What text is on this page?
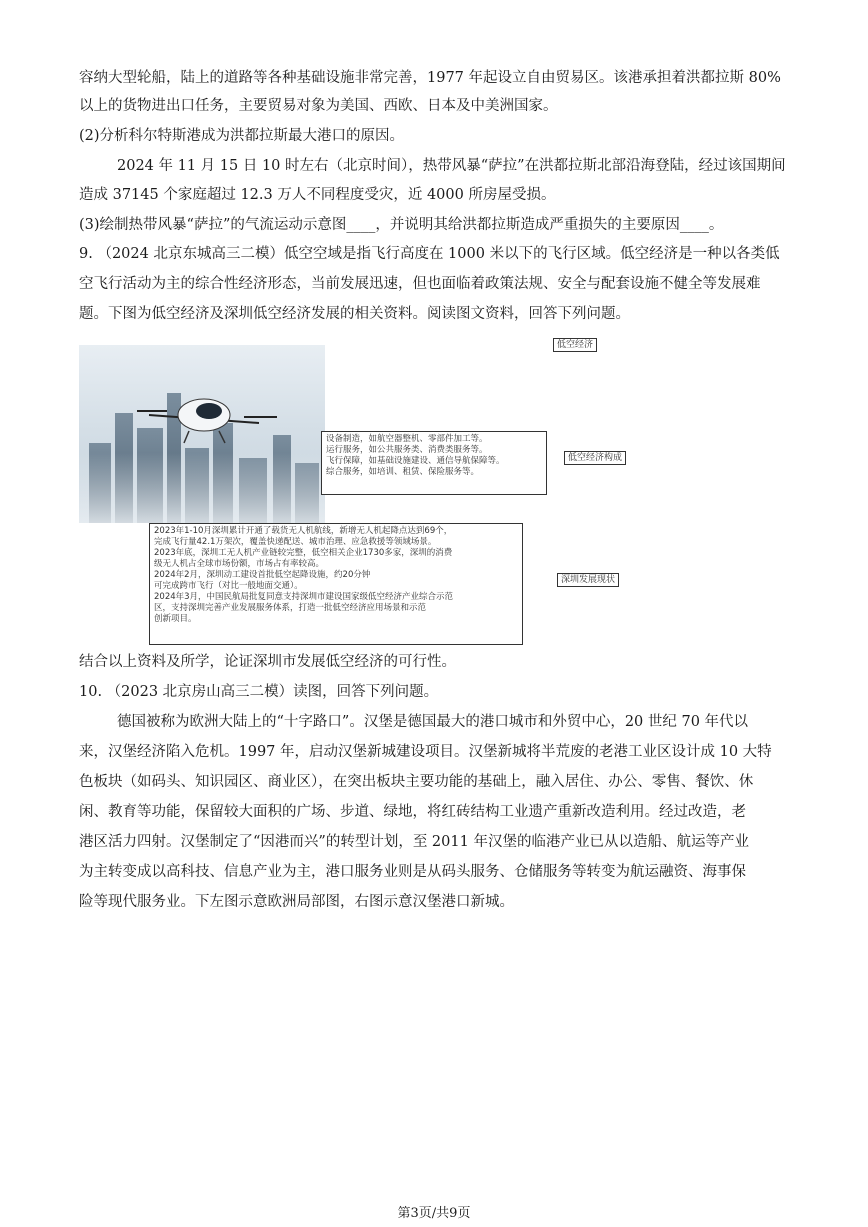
容纳大型轮船，陆上的道路等各种基础设施非常完善，1977 年起设立自由贸易区。该港承担着洪都拉斯 80%
以上的货物进出口任务，主要贸易对象为美国、西欧、日本及中美洲国家。
(2)分析科尔特斯港成为洪都拉斯最大港口的原因。
2024 年 11 月 15 日 10 时左右（北京时间），热带风暴“萨拉”在洪都拉斯北部沿海登陆，经过该国期间
造成 37145 个家庭超过 12.3 万人不同程度受灾，近 4000 所房屋受损。
(3)绘制热带风暴“萨拉”的气流运动示意图____，并说明其给洪都拉斯造成严重损失的主要原因____。
9. （2024 北京东城高三二模）低空空域是指飞行高度在 1000 米以下的飞行区域。低空经济是一种以各类低
空飞行活动为主的综合性经济形态，当前发展迅速，但也面临着政策法规、安全与配套设施不健全等发展难
题。下图为低空经济及深圳低空经济发展的相关资料。阅读图文资料，回答下列问题。
低空经济
低空经济构成
深圳发展现状
设备制造，如航空器整机、零部件加工等。
运行服务，如公共服务类、消费类服务等。
飞行保障，如基础设施建设、通信导航保障等。
综合服务，如培训、租赁、保险服务等。
2023年1-10月深圳累计开通了载货无人机航线，新增无人机起降点达到69个，
完成飞行量42.1万架次，覆盖快递配送、城市治理、应急救援等领域场景。
2023年底，深圳工无人机产业链较完整，低空相关企业1730多家，深圳的消费
级无人机占全球市场份额，市场占有率较高。
2024年2月，深圳动工建设首批低空起降设施，约20分钟
可完成跨市飞行（对比一般地面交通）。
2024年3月，中国民航局批复同意支持深圳市建设国家级低空经济产业综合示范
区，支持深圳完善产业发展服务体系，打造一批低空经济应用场景和示范
创新项目。
结合以上资料及所学，论证深圳市发展低空经济的可行性。
10. （2023 北京房山高三二模）读图，回答下列问题。
德国被称为欧洲大陆上的“十字路口”。汉堡是德国最大的港口城市和外贸中心，20 世纪 70 年代以
来，汉堡经济陷入危机。1997 年，启动汉堡新城建设项目。汉堡新城将半荒废的老港工业区设计成 10 大特
色板块（如码头、知识园区、商业区），在突出板块主要功能的基础上，融入居住、办公、零售、餐饮、休
闲、教育等功能，保留较大面积的广场、步道、绿地，将红砖结构工业遗产重新改造利用。经过改造，老
港区活力四射。汉堡制定了“因港而兴”的转型计划，至 2011 年汉堡的临港产业已从以造船、航运等产业
为主转变成以高科技、信息产业为主，港口服务业则是从码头服务、仓储服务等转变为航运融资、海事保
险等现代服务业。下左图示意欧洲局部图，右图示意汉堡港口新城。
第3页/共9页
